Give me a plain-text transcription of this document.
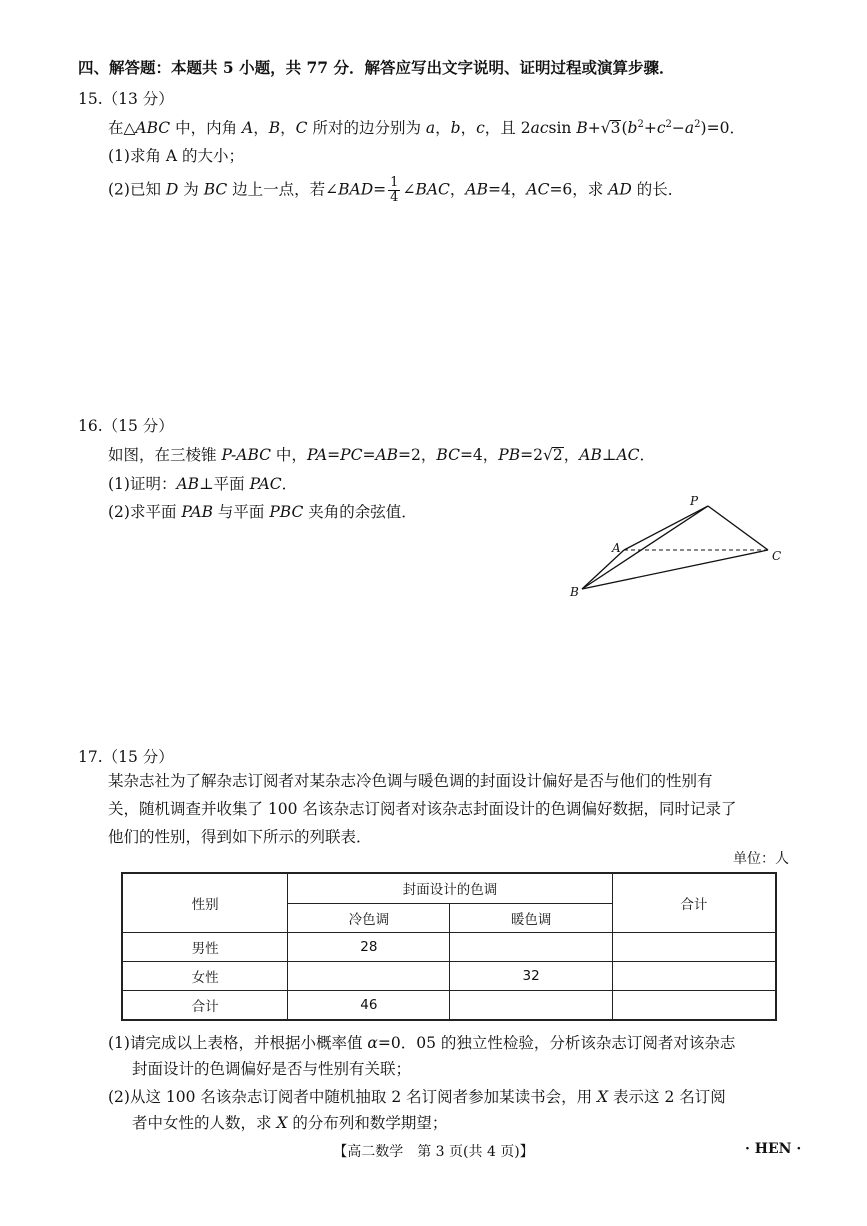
四、解答题：本题共 5 小题，共 77 分．解答应写出文字说明、证明过程或演算步骤．
15.（13 分）
在△ABC 中，内角 A，B，C 所对的边分别为 a，b，c，且 2acsin $B+√3(b^2+c^2-a^2)=0$．
(1)求角 A 的大小；
(2)已知 D 为 BC 边上一点，若∠BAD= $\frac{1}{4}$ ∠BAC，AB=4，AC=6，求 AD 的长．
16.（15 分）
如图，在三棱锥 P-ABC 中，PA=PC=AB=2，BC=4，PB=2√2，AB⊥AC．
(1)证明：AB⊥平面 PAC．
(2)求平面 PAB 与平面 PBC 夹角的余弦值．
P
A
B
C
17.（15 分）
某杂志社为了解杂志订阅者对某杂志冷色调与暖色调的封面设计偏好是否与他们的性别有
关，随机调查并收集了 100 名该杂志订阅者对该杂志封面设计的色调偏好数据，同时记录了
他们的性别，得到如下所示的列联表．
单位：人
性别	封面设计的色调		合计
	冷色调	暖色调	
男性	28		
女性		32	
合计	46		
(1)请完成以上表格，并根据小概率值 α=0．05 的独立性检验，分析该杂志订阅者对该杂志
封面设计的色调偏好是否与性别有关联；
(2)从这 100 名该杂志订阅者中随机抽取 2 名订阅者参加某读书会，用 X 表示这 2 名订阅
者中女性的人数，求 X 的分布列和数学期望；
【高二数学　第 3 页(共 4 页)】	· HEN ·
